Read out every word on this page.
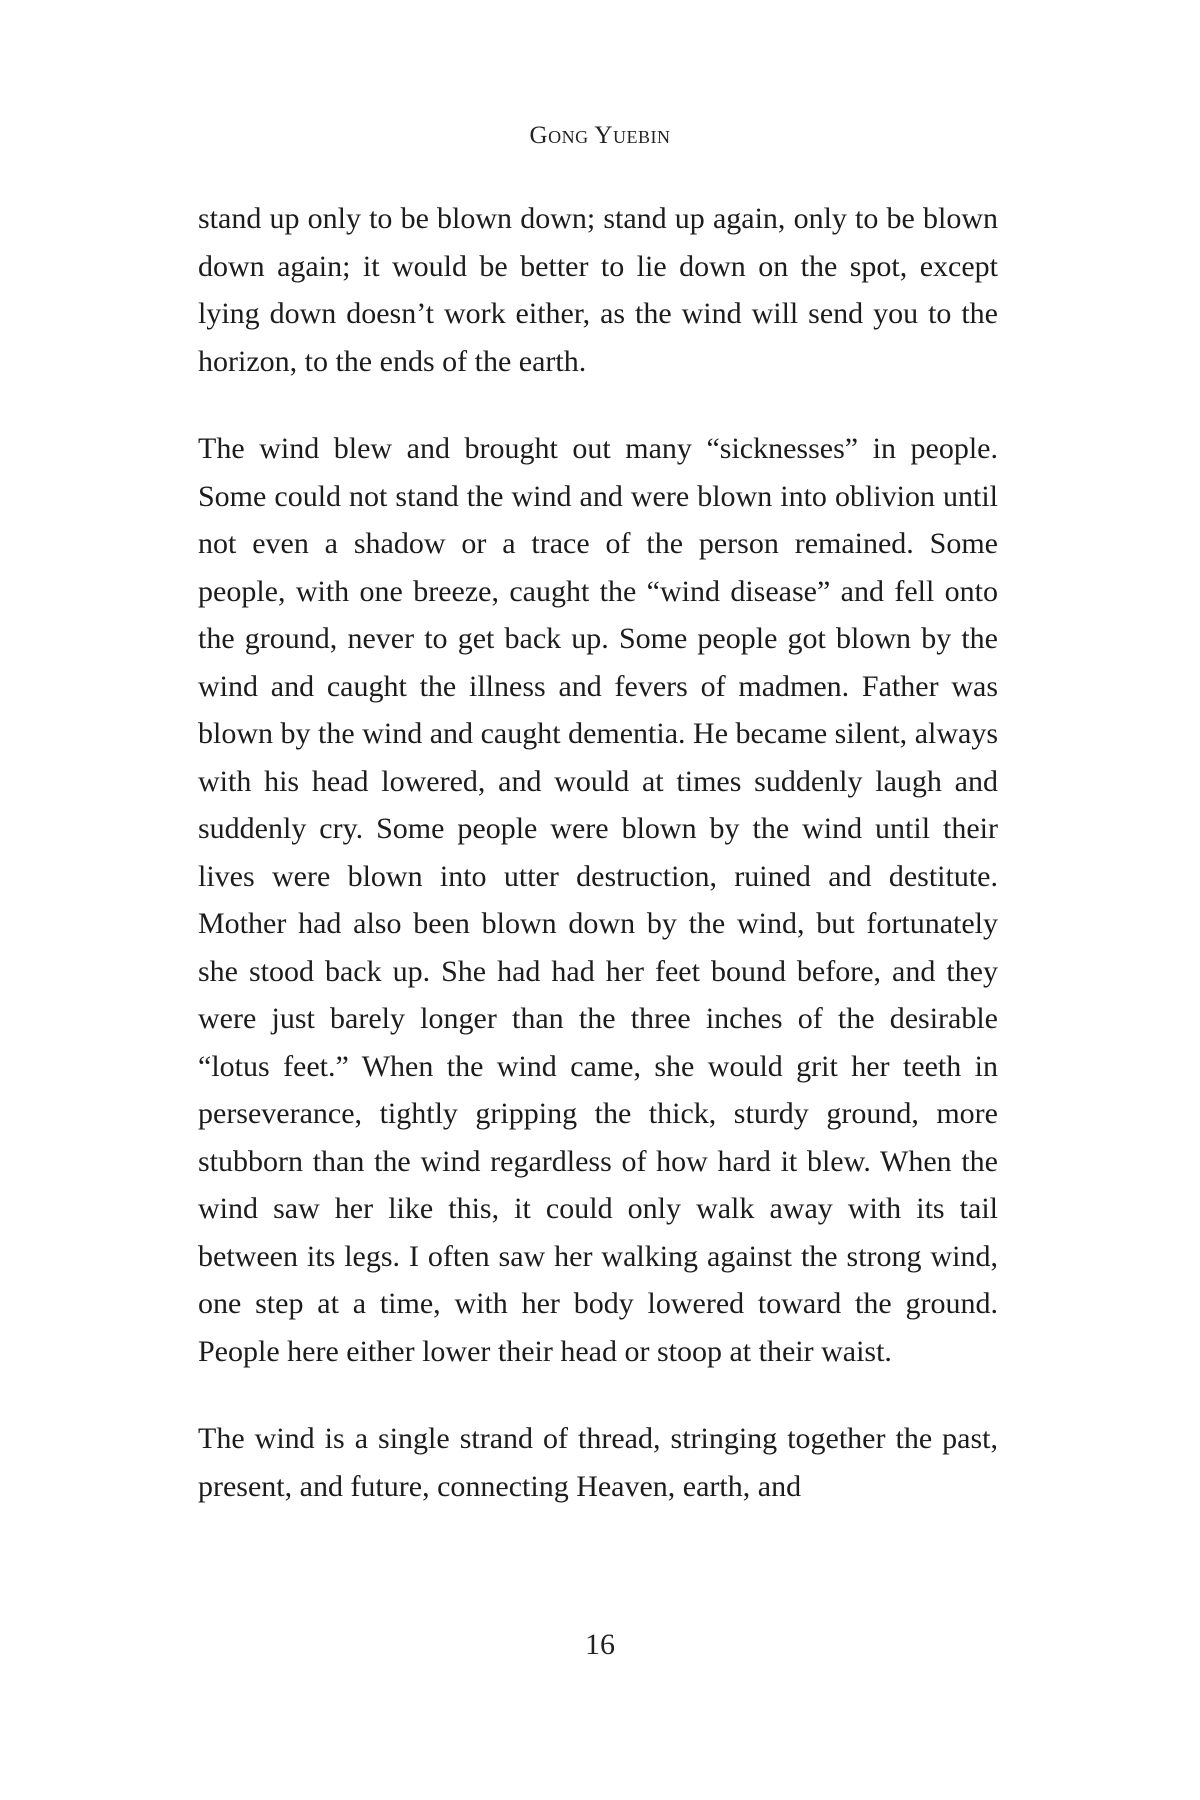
Gong Yuebin

stand up only to be blown down; stand up again, only to be blown down again; it would be better to lie down on the spot, except lying down doesn’t work either, as the wind will send you to the horizon, to the ends of the earth.

The wind blew and brought out many “sicknesses” in people. Some could not stand the wind and were blown into oblivion until not even a shadow or a trace of the person remained. Some people, with one breeze, caught the “wind disease” and fell onto the ground, never to get back up. Some people got blown by the wind and caught the illness and fevers of madmen. Father was blown by the wind and caught dementia. He became silent, always with his head lowered, and would at times suddenly laugh and suddenly cry. Some people were blown by the wind until their lives were blown into utter destruction, ruined and destitute. Mother had also been blown down by the wind, but fortunately she stood back up. She had had her feet bound before, and they were just barely longer than the three inches of the desirable “lotus feet.” When the wind came, she would grit her teeth in perseverance, tightly gripping the thick, sturdy ground, more stubborn than the wind regardless of how hard it blew. When the wind saw her like this, it could only walk away with its tail between its legs. I often saw her walking against the strong wind, one step at a time, with her body lowered toward the ground. People here either lower their head or stoop at their waist.

The wind is a single strand of thread, stringing together the past, present, and future, connecting Heaven, earth, and

16
